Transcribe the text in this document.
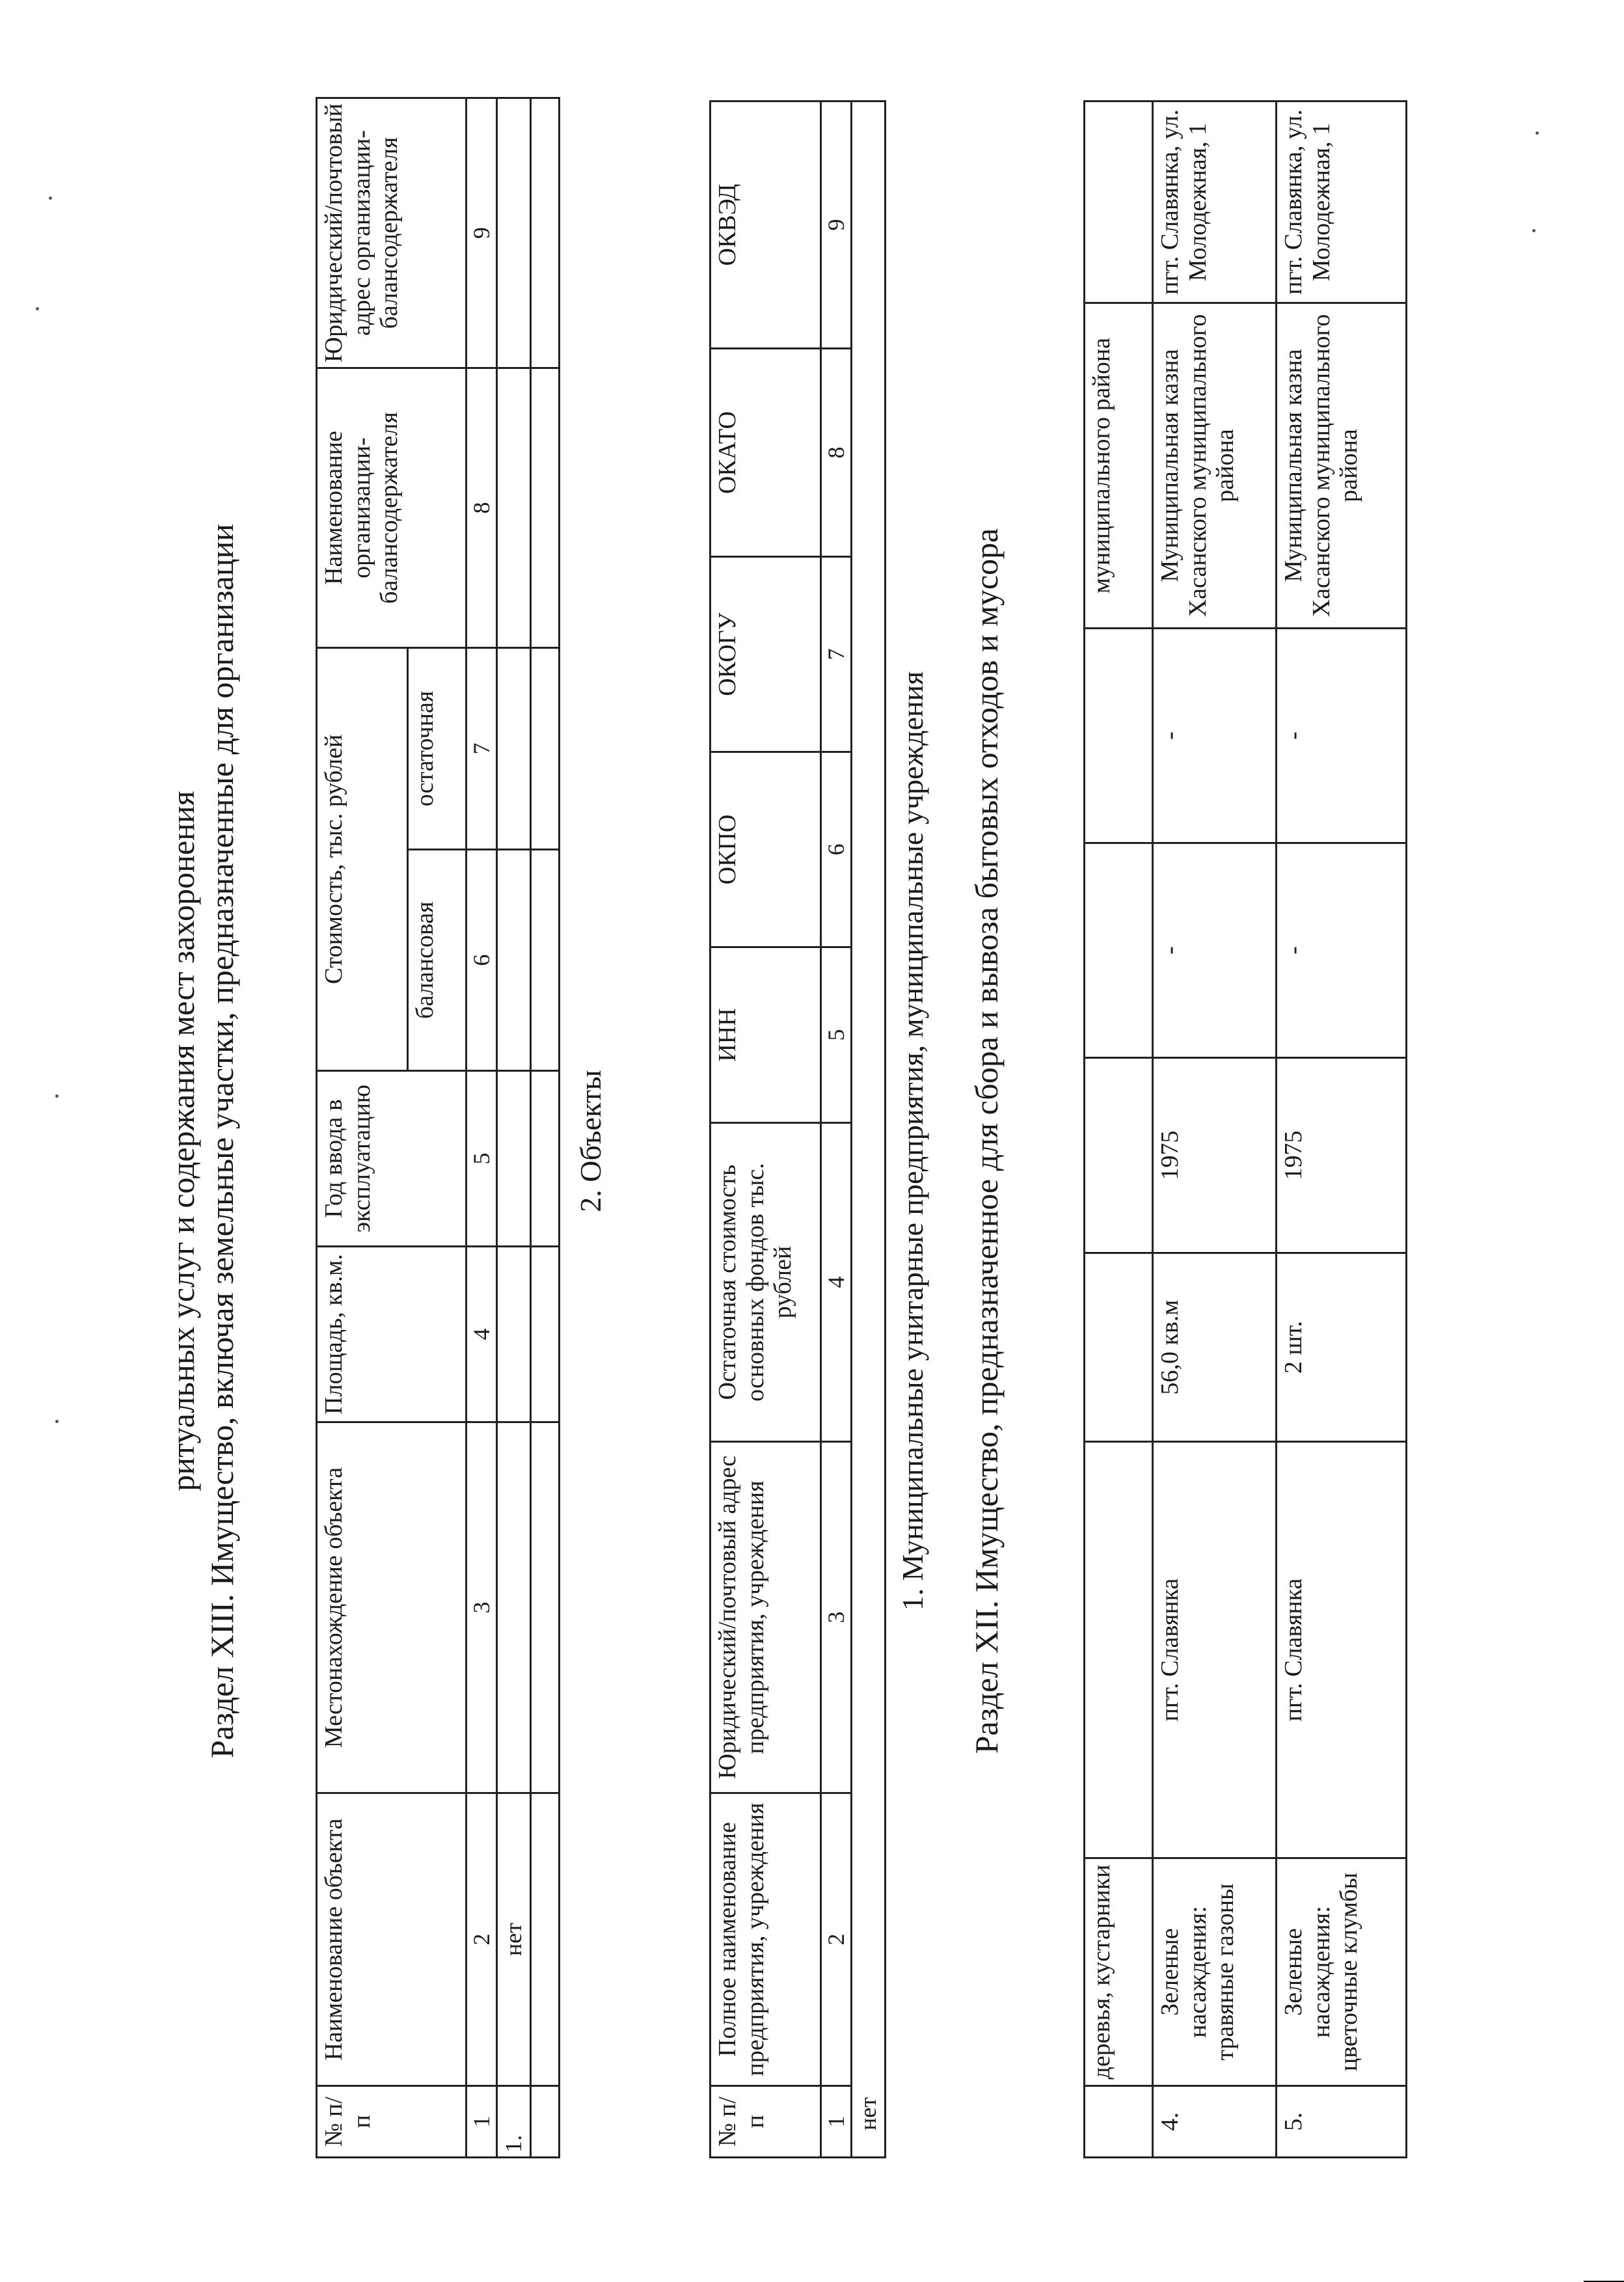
	деревья, кустарники						муниципального района	
4.	Зеленые насаждения: травяные газоны	пгт. Славянка	56,0 кв.м	1975	-	-	Муниципальная казна Хасанского муниципального района	пгт. Славянка, ул. Молодежная, 1
5.	Зеленые насаждения: цветочные клумбы	пгт. Славянка	2 шт.	1975	-	-	Муниципальная казна Хасанского муниципального района	пгт. Славянка, ул. Молодежная, 1
Раздел XII. Имущество, предназначенное для сбора и вывоза бытовых отходов и мусора
1. Муниципальные унитарные предприятия, муниципальные учреждения
№ п/п	Полное наименование предприятия, учреждения	Юридический/почтовый адрес предприятия, учреждения	Остаточная стоимость основных фондов тыс. рублей	ИНН	ОКПО	ОКОГУ	ОКАТО	ОКВЭД
1	2	3	4	5	6	7	8	9
нет								
2. Объекты
№ п/п	Наименование объекта	Местонахождение объекта	Площадь, кв.м.	Год ввода в эксплуатацию	Стоимость, тыс. рублей		Наименование организации-балансодержателя	Юридический/почтовый адрес организации-балансодержателя
					балансовая	остаточная		
1	2	3	4	5	6	7	8	9
1.	нет							

Раздел XIII. Имущество, включая земельные участки, предназначенные для организации
ритуальных услуг и содержания мест захоронения
